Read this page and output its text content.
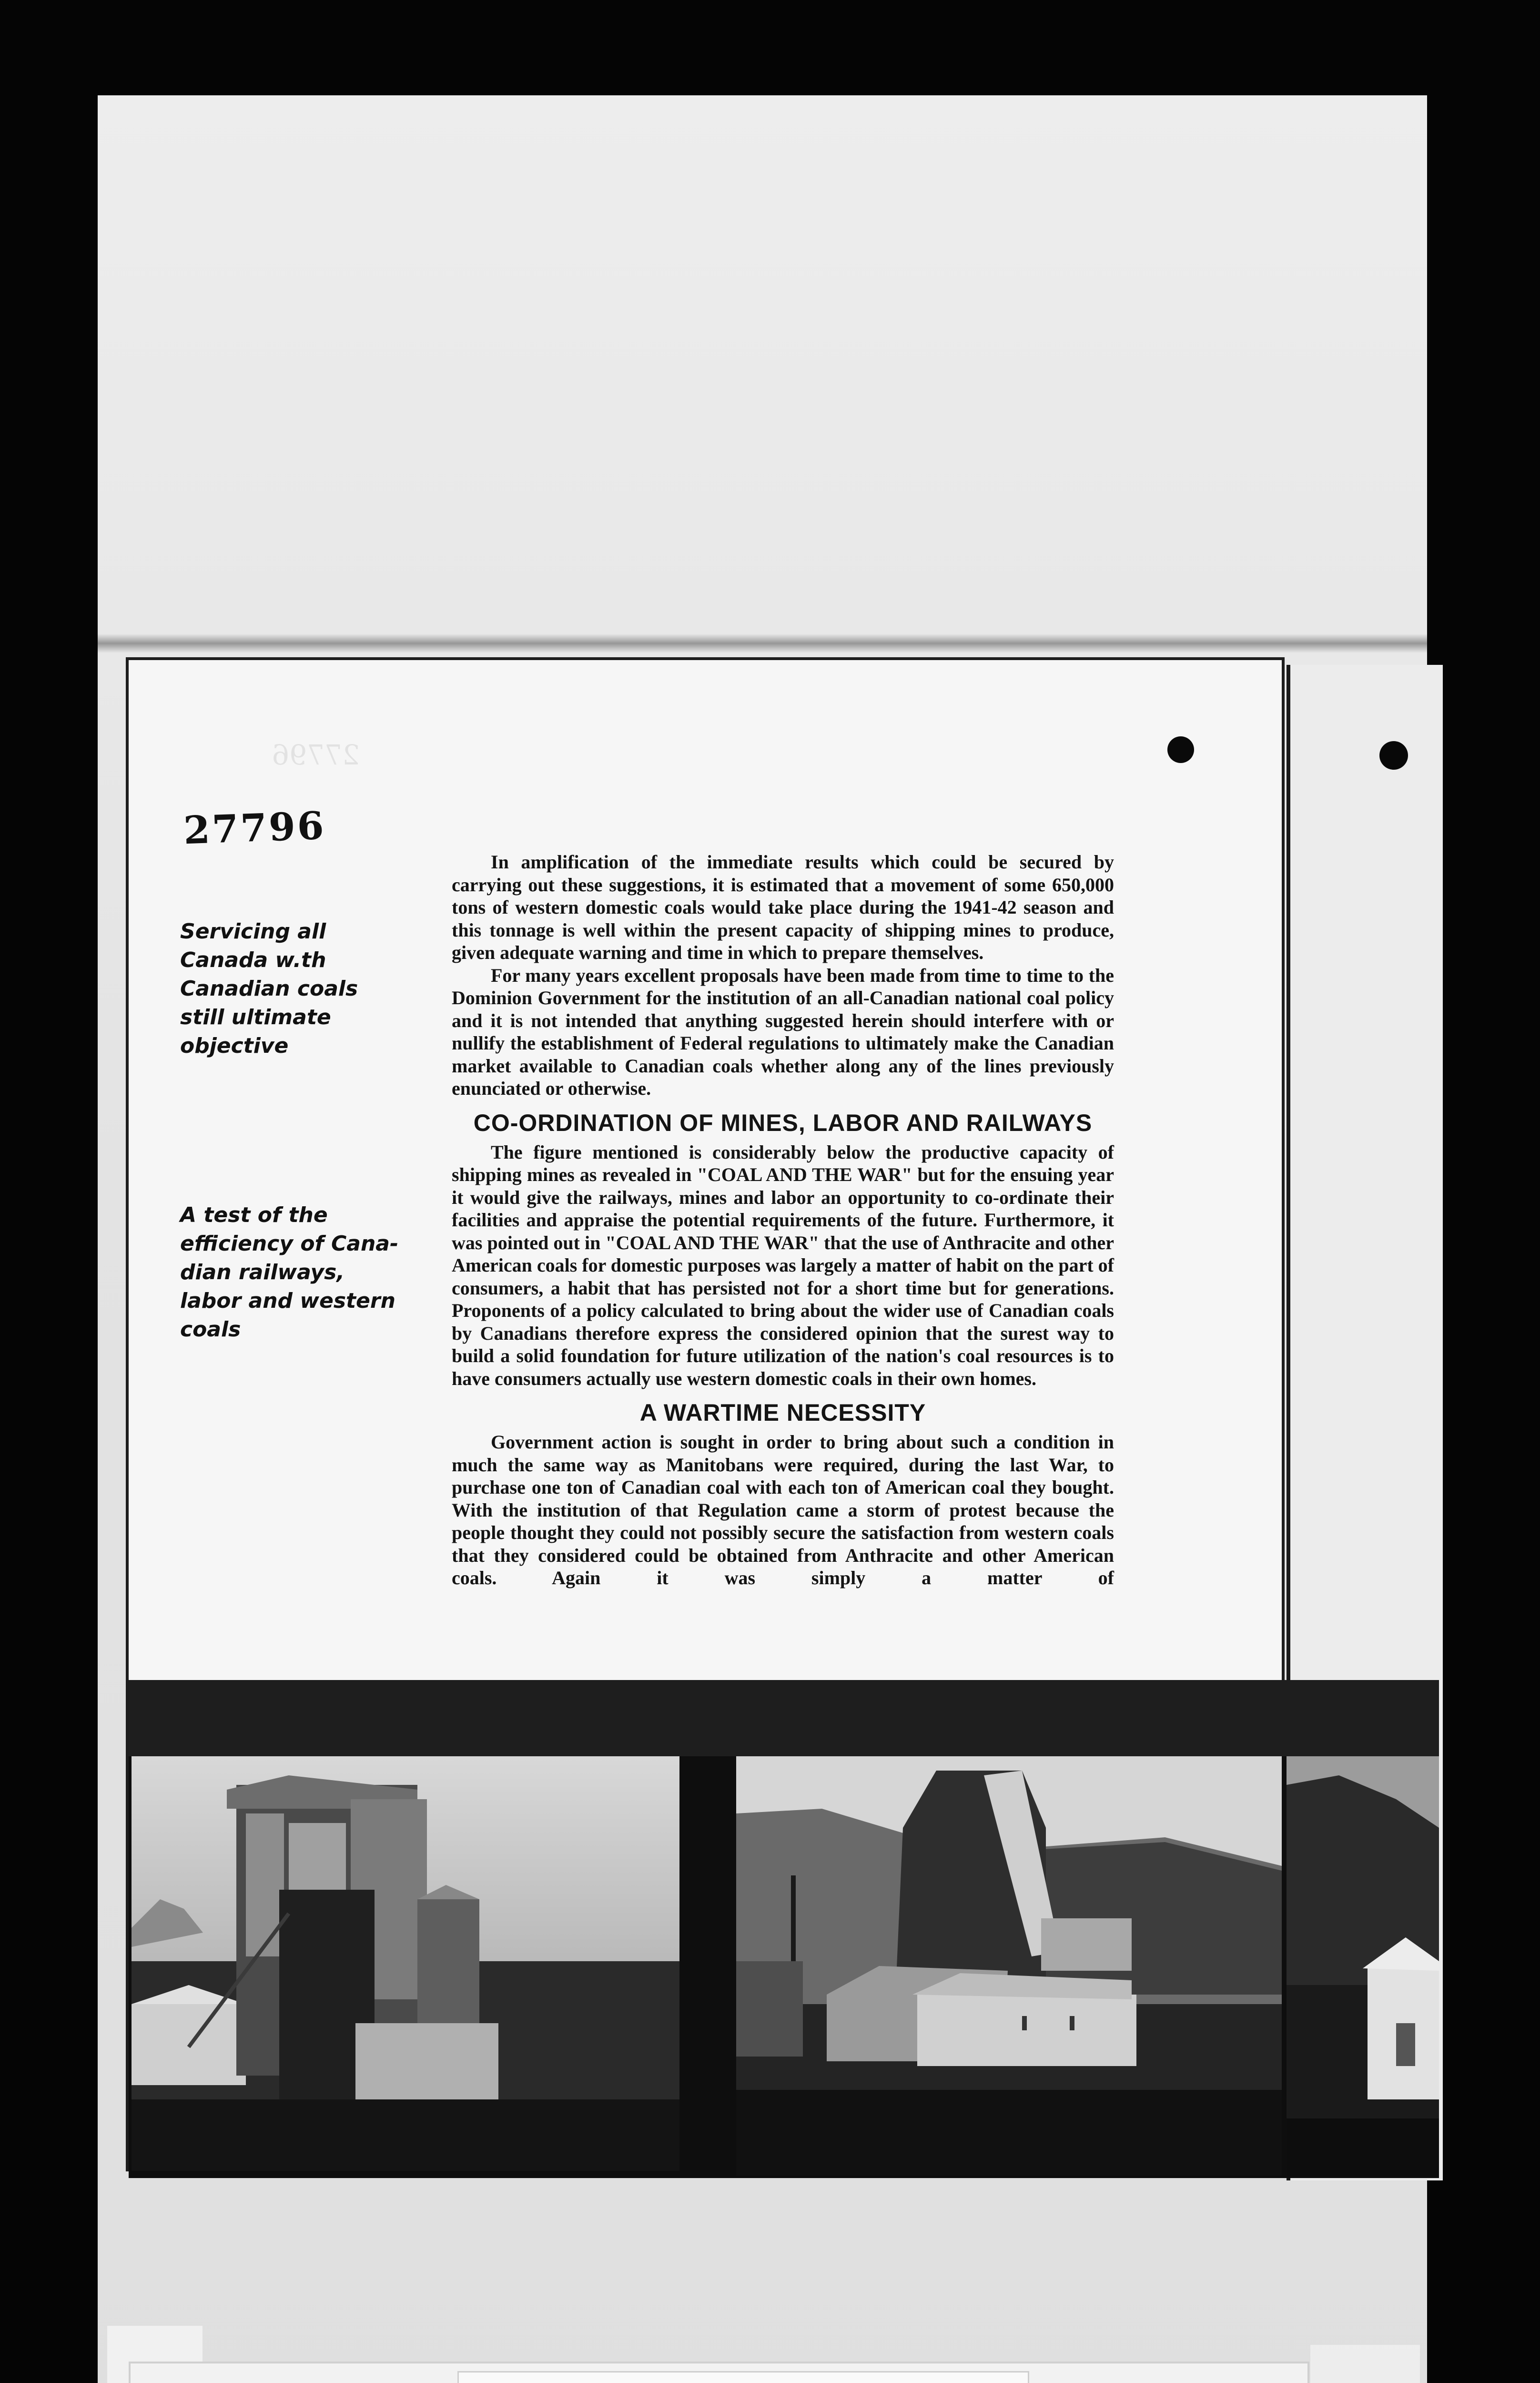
27796
27796
Servicing all Canada w.th Canadian coals still ultimate objective
A test of the efficiency of Cana-dian railways, labor and western coals

In amplification of the immediate results which could be secured by carrying out these suggestions, it is estimated that a movement of some 650,000 tons of western domestic coals would take place during the 1941-42 season and this tonnage is well within the present capacity of shipping mines to produce, given adequate warning and time in which to prepare themselves.

For many years excellent proposals have been made from time to time to the Dominion Government for the institution of an all-Canadian national coal policy and it is not intended that anything suggested herein should interfere with or nullify the establishment of Federal regulations to ultimately make the Canadian market available to Canadian coals whether along any of the lines previously enunciated or otherwise.

CO-ORDINATION OF MINES, LABOR AND RAILWAYS

The figure mentioned is considerably below the productive capacity of shipping mines as revealed in "COAL AND THE WAR" but for the ensuing year it would give the railways, mines and labor an opportunity to co-ordinate their facilities and appraise the potential requirements of the future. Furthermore, it was pointed out in "COAL AND THE WAR" that the use of Anthracite and other American coals for domestic purposes was largely a matter of habit on the part of consumers, a habit that has persisted not for a short time but for generations. Proponents of a policy calculated to bring about the wider use of Canadian coals by Canadians therefore express the considered opinion that the surest way to build a solid foundation for future utilization of the nation's coal resources is to have consumers actually use western domestic coals in their own homes.

A WARTIME NECESSITY

Government action is sought in order to bring about such a condition in much the same way as Manitobans were required, during the last War, to purchase one ton of Canadian coal with each ton of American coal they bought. With the institution of that Regulation came a storm of protest because the people thought they could not possibly secure the satisfaction from western coals that they considered could be obtained from Anthracite and other American coals. Again it was simply a matter of
